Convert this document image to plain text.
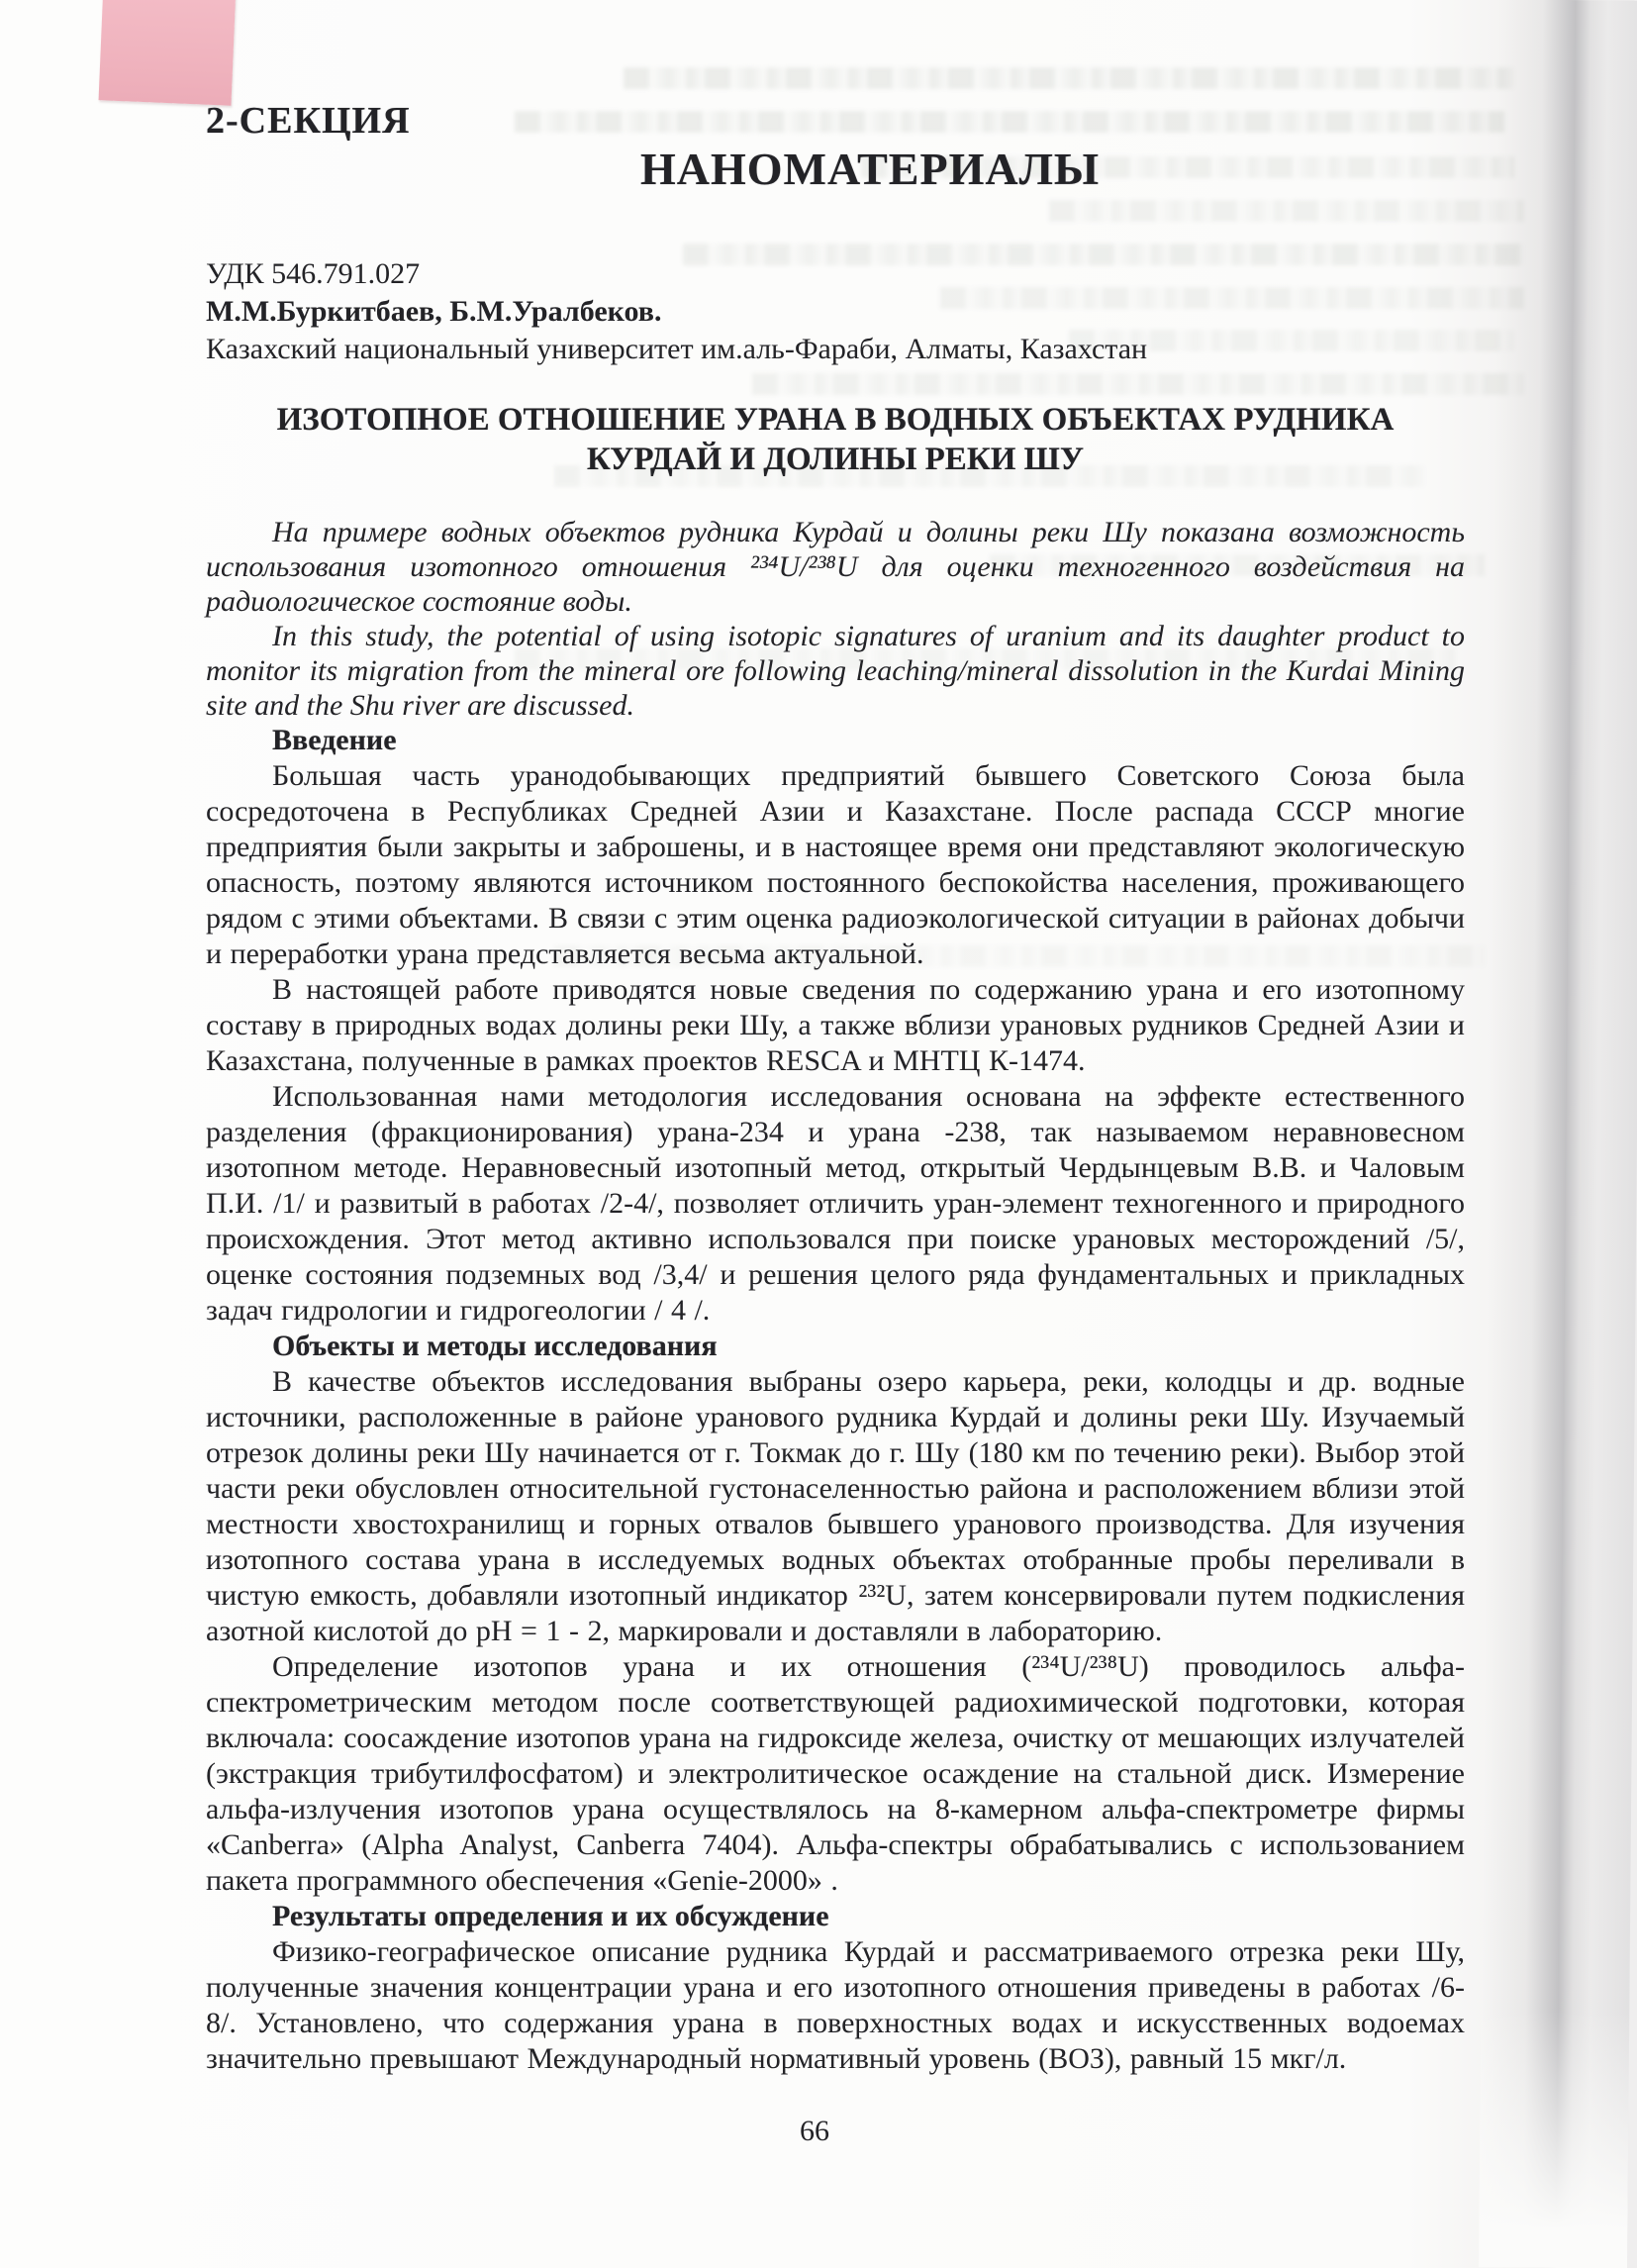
2-СЕКЦИЯ
НАНОМАТЕРИАЛЫ
УДК 546.791.027
М.М.Буркитбаев, Б.М.Уралбеков.
Казахский национальный университет им.аль-Фараби, Алматы, Казахстан
ИЗОТОПНОЕ ОТНОШЕНИЕ УРАНА В ВОДНЫХ ОБЪЕКТАХ РУДНИКА КУРДАЙ И ДОЛИНЫ РЕКИ ШУ

На примере водных объектов рудника Курдай и долины реки Шу показана возможность использования изотопного отношения ²³⁴U/²³⁸U для оценки техногенного воздействия на радиологическое состояние воды.

In this study, the potential of using isotopic signatures of uranium and its daughter product to monitor its migration from the mineral ore following leaching/mineral dissolution in the Kurdai Mining site and the Shu river are discussed.

Введение

Большая часть уранодобывающих предприятий бывшего Советского Союза была сосредоточена в Республиках Средней Азии и Казахстане. После распада СССР многие предприятия были закрыты и заброшены, и в настоящее время они представляют экологическую опасность, поэтому являются источником постоянного беспокойства населения, проживающего рядом с этими объектами. В связи с этим оценка радиоэкологической ситуации в районах добычи и переработки урана представляется весьма актуальной.

В настоящей работе приводятся новые сведения по содержанию урана и его изотопному составу в природных водах долины реки Шу, а также вблизи урановых рудников Средней Азии и Казахстана, полученные в рамках проектов RESCA и МНТЦ К-1474.

Использованная нами методология исследования основана на эффекте естественного разделения (фракционирования) урана-234 и урана -238, так называемом неравновесном изотопном методе. Неравновесный изотопный метод, открытый Чердынцевым В.В. и Чаловым П.И. /1/ и развитый в работах /2-4/, позволяет отличить уран-элемент техногенного и природного происхождения. Этот метод активно использовался при поиске урановых месторождений /5/, оценке состояния подземных вод /3,4/ и решения целого ряда фундаментальных и прикладных задач гидрологии и гидрогеологии / 4 /.

Объекты и методы исследования

В качестве объектов исследования выбраны озеро карьера, реки, колодцы и др. водные источники, расположенные в районе уранового рудника Курдай и долины реки Шу. Изучаемый отрезок долины реки Шу начинается от г. Токмак до г. Шу (180 км по течению реки). Выбор этой части реки обусловлен относительной густонаселенностью района и расположением вблизи этой местности хвостохранилищ и горных отвалов бывшего уранового производства. Для изучения изотопного состава урана в исследуемых водных объектах отобранные пробы переливали в чистую емкость, добавляли изотопный индикатор ²³²U, затем консервировали путем подкисления азотной кислотой до pH = 1 - 2, маркировали и доставляли в лабораторию.

Определение изотопов урана и их отношения (²³⁴U/²³⁸U) проводилось альфа-спектрометрическим методом после соответствующей радиохимической подготовки, которая включала: соосаждение изотопов урана на гидроксиде железа, очистку от мешающих излучателей (экстракция трибутилфосфатом) и электролитическое осаждение на стальной диск. Измерение альфа-излучения изотопов урана осуществлялось на 8-камерном альфа-спектрометре фирмы «Canberra» (Alpha Analyst, Canberra 7404). Альфа-спектры обрабатывались с использованием пакета программного обеспечения «Genie-2000» .

Результаты определения и их обсуждение

Физико-географическое описание рудника Курдай и рассматриваемого отрезка реки Шу, полученные значения концентрации урана и его изотопного отношения приведены в работах /6-8/. Установлено, что содержания урана в поверхностных водах и искусственных водоемах значительно превышают Международный нормативный уровень (ВОЗ), равный 15 мкг/л.

66
